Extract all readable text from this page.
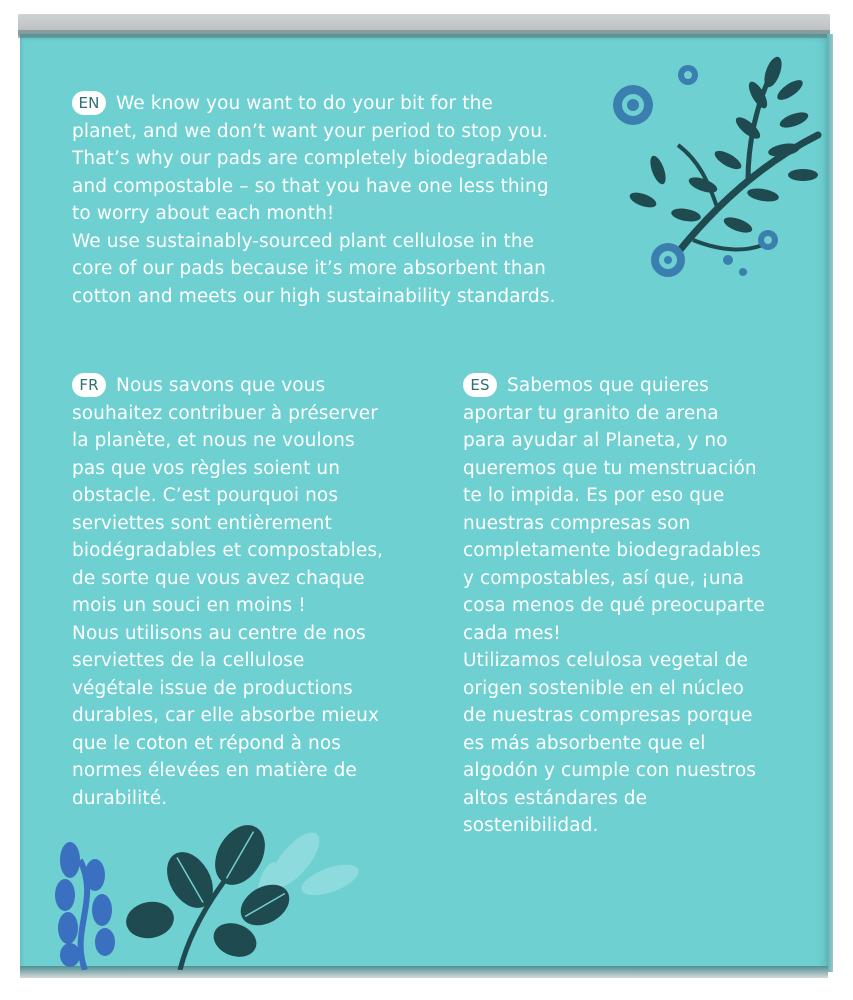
EN We know you want to do your bit for the
planet, and we don’t want your period to stop you.
That’s why our pads are completely biodegradable
and compostable – so that you have one less thing
to worry about each month!
We use sustainably-sourced plant cellulose in the
core of our pads because it’s more absorbent than
cotton and meets our high sustainability standards.
FR Nous savons que vous
souhaitez contribuer à préserver
la planète, et nous ne voulons
pas que vos règles soient un
obstacle. C’est pourquoi nos
serviettes sont entièrement
biodégradables et compostables,
de sorte que vous avez chaque
mois un souci en moins !
Nous utilisons au centre de nos
serviettes de la cellulose
végétale issue de productions
durables, car elle absorbe mieux
que le coton et répond à nos
normes élevées en matière de
durabilité.
ES Sabemos que quieres
aportar tu granito de arena
para ayudar al Planeta, y no
queremos que tu menstruación
te lo impida. Es por eso que
nuestras compresas son
completamente biodegradables
y compostables, así que, ¡una
cosa menos de qué preocuparte
cada mes!
Utilizamos celulosa vegetal de
origen sostenible en el núcleo
de nuestras compresas porque
es más absorbente que el
algodón y cumple con nuestros
altos estándares de
sostenibilidad.
